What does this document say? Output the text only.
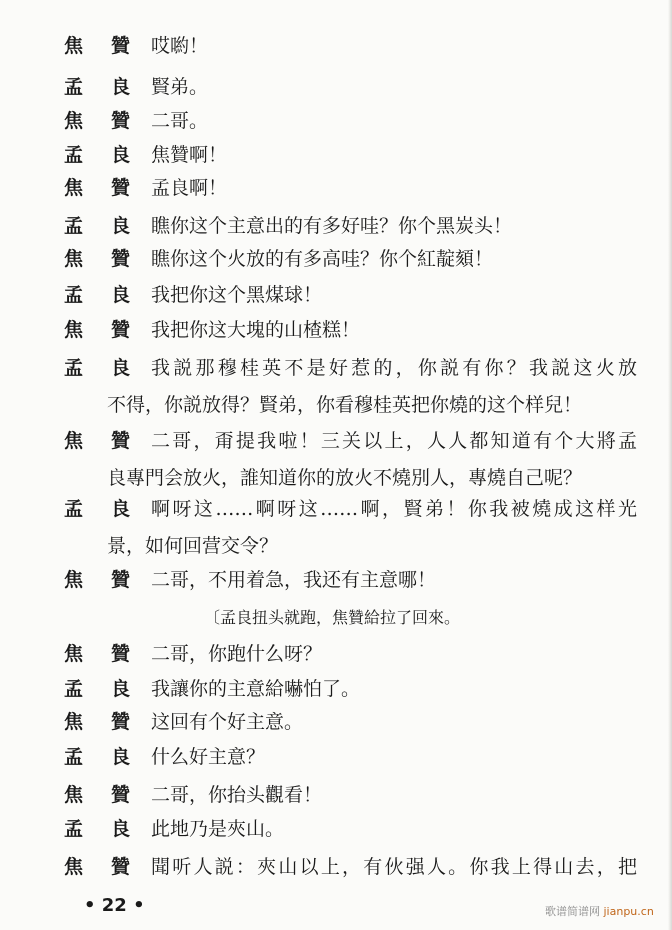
焦 贊 哎喲！
孟 良 賢弟。
焦 贊 二哥。
孟 良 焦贊啊！
焦 贊 孟良啊！
孟 良 瞧你这个主意出的有多好哇？你个黑炭头！
焦 贊 瞧你这个火放的有多高哇？你个紅靛頦！
孟 良 我把你这个黑煤球！
焦 贊 我把你这大塊的山楂糕！
孟 良 我説那穆桂英不是好惹的，你説有你？我説这火放
不得，你説放得？賢弟，你看穆桂英把你燒的这个样兒！
焦 贊 二哥，甭提我啦！三关以上，人人都知道有个大將孟
良專門会放火，誰知道你的放火不燒別人，專燒自己呢？
孟 良 啊呀这……啊呀这……啊，賢弟！你我被燒成这样光
景，如何回营交令？
焦 贊 二哥，不用着急，我还有主意哪！
〔孟良扭头就跑，焦贊給拉了回來。
焦 贊 二哥，你跑什么呀？
孟 良 我讓你的主意給嚇怕了。
焦 贊 这回有个好主意。
孟 良 什么好主意？
焦 贊 二哥，你抬头觀看！
孟 良 此地乃是夾山。
焦 贊 聞听人説：夾山以上，有伙强人。你我上得山去，把
• 22 •	歌谱简谱网 jianpu.cn
